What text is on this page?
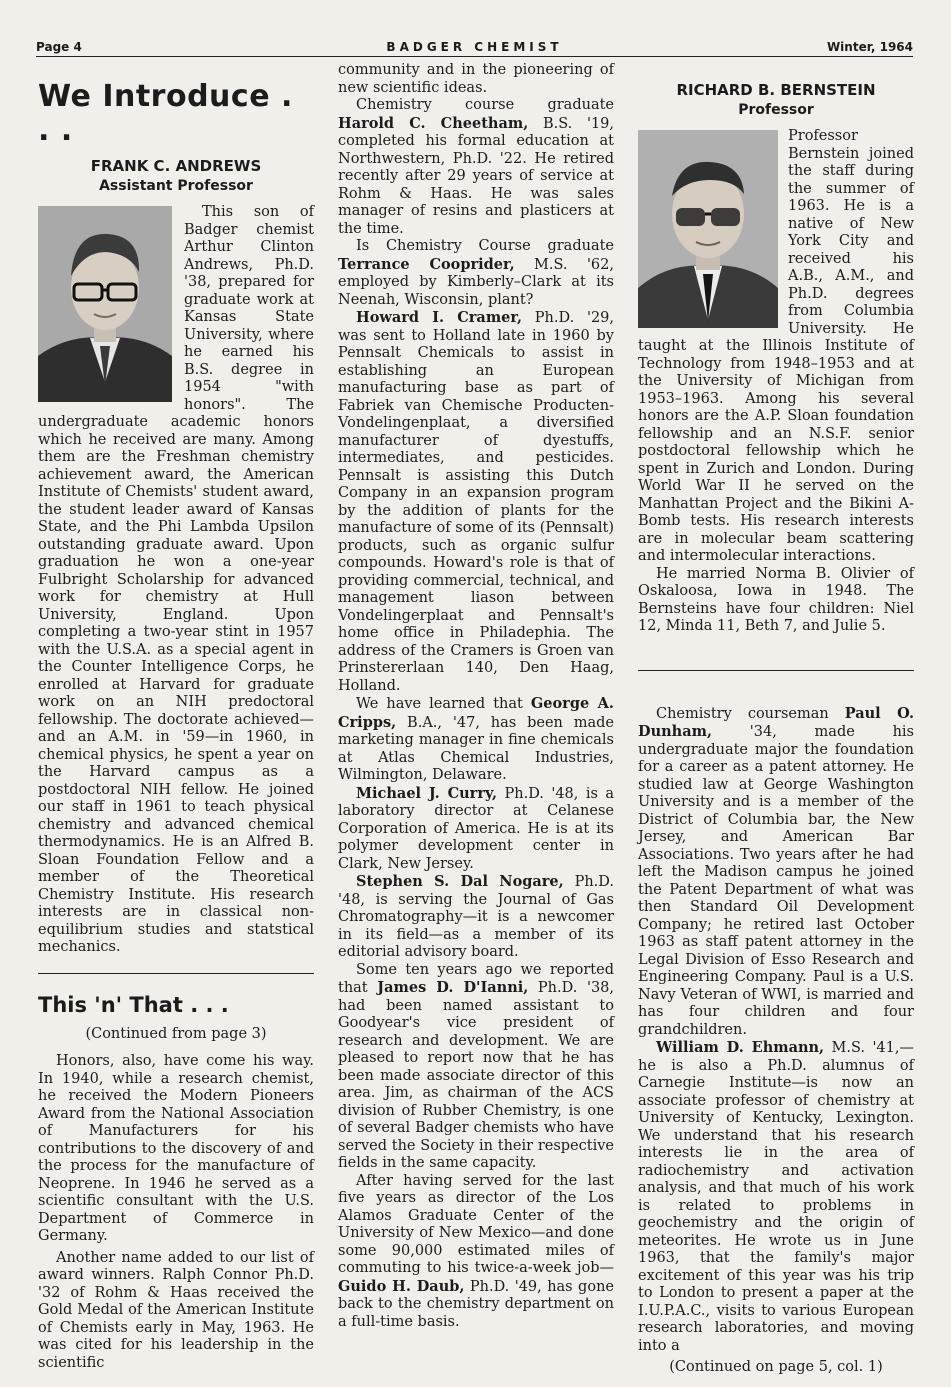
Page 4	BADGER CHEMIST	Winter, 1964
We Introduce . . .
FRANK C. ANDREWS
Assistant Professor

This son of Badger chemist Arthur Clinton Andrews, Ph.D. '38, prepared for graduate work at Kansas State University, where he earned his B.S. degree in 1954 "with honors". The undergraduate academic honors which he received are many. Among them are the Freshman chemistry achievement award, the American Institute of Chemists' student award, the student leader award of Kansas State, and the Phi Lambda Upsilon outstanding graduate award. Upon graduation he won a one-year Fulbright Scholarship for advanced work for chemistry at Hull University, England. Upon completing a two-year stint in 1957 with the U.S.A. as a special agent in the Counter Intelligence Corps, he enrolled at Harvard for graduate work on an NIH predoctoral fellowship. The doctorate achieved—and an A.M. in '59—in 1960, in chemical physics, he spent a year on the Harvard campus as a postdoctoral NIH fellow. He joined our staff in 1961 to teach physical chemistry and advanced chemical thermodynamics. He is an Alfred B. Sloan Foundation Fellow and a member of the Theoretical Chemistry Institute. His research interests are in classical non-equilibrium studies and statstical mechanics.

This 'n' That . . .

(Continued from page 3)

Honors, also, have come his way. In 1940, while a research chemist, he received the Modern Pioneers Award from the National Association of Manufacturers for his contributions to the discovery of and the process for the manufacture of Neoprene. In 1946 he served as a scientific consultant with the U.S. Department of Commerce in Germany.

Another name added to our list of award winners. Ralph Connor Ph.D. '32 of Rohm & Haas received the Gold Medal of the American Institute of Chemists early in May, 1963. He was cited for his leadership in the scientific

community and in the pioneering of new scientific ideas.

Chemistry course graduate Harold C. Cheetham, B.S. '19, completed his formal education at Northwestern, Ph.D. '22. He retired recently after 29 years of service at Rohm & Haas. He was sales manager of resins and plasticers at the time.

Is Chemistry Course graduate Terrance Cooprider, M.S. '62, employed by Kimberly–Clark at its Neenah, Wisconsin, plant?

Howard I. Cramer, Ph.D. '29, was sent to Holland late in 1960 by Pennsalt Chemicals to assist in establishing an European manufacturing base as part of Fabriek van Chemische Producten-Vondelingenplaat, a diversified manufacturer of dyestuffs, intermediates, and pesticides. Pennsalt is assisting this Dutch Company in an expansion program by the addition of plants for the manufacture of some of its (Pennsalt) products, such as organic sulfur compounds. Howard's role is that of providing commercial, technical, and management liason between Vondelingerplaat and Pennsalt's home office in Philadephia. The address of the Cramers is Groen van Prinstererlaan 140, Den Haag, Holland.

We have learned that George A. Cripps, B.A., '47, has been made marketing manager in fine chemicals at Atlas Chemical Industries, Wilmington, Delaware.

Michael J. Curry, Ph.D. '48, is a laboratory director at Celanese Corporation of America. He is at its polymer development center in Clark, New Jersey.

Stephen S. Dal Nogare, Ph.D. '48, is serving the Journal of Gas Chromatography—it is a newcomer in its field—as a member of its editorial advisory board.

Some ten years ago we reported that James D. D'Ianni, Ph.D. '38, had been named assistant to Goodyear's vice president of research and development. We are pleased to report now that he has been made associate director of this area. Jim, as chairman of the ACS division of Rubber Chemistry, is one of several Badger chemists who have served the Society in their respective fields in the same capacity.

After having served for the last five years as director of the Los Alamos Graduate Center of the University of New Mexico—and done some 90,000 estimated miles of commuting to his twice-a-week job—Guido H. Daub, Ph.D. '49, has gone back to the chemistry department on a full-time basis.

RICHARD B. BERNSTEIN
Professor

Professor Bernstein joined the staff during the summer of 1963. He is a native of New York City and received his A.B., A.M., and Ph.D. degrees from Columbia University. He taught at the Illinois Institute of Technology from 1948–1953 and at the University of Michigan from 1953–1963. Among his several honors are the A.P. Sloan foundation fellowship and an N.S.F. senior postdoctoral fellowship which he spent in Zurich and London. During World War II he served on the Manhattan Project and the Bikini A-Bomb tests. His research interests are in molecular beam scattering and intermolecular interactions.

He married Norma B. Olivier of Oskaloosa, Iowa in 1948. The Bernsteins have four children: Niel 12, Minda 11, Beth 7, and Julie 5.

Chemistry courseman Paul O. Dunham, '34, made his undergraduate major the foundation for a career as a patent attorney. He studied law at George Washington University and is a member of the District of Columbia bar, the New Jersey, and American Bar Associations. Two years after he had left the Madison campus he joined the Patent Department of what was then Standard Oil Development Company; he retired last October 1963 as staff patent attorney in the Legal Division of Esso Research and Engineering Company. Paul is a U.S. Navy Veteran of WWI, is married and has four children and four grandchildren.

William D. Ehmann, M.S. '41,—he is also a Ph.D. alumnus of Carnegie Institute—is now an associate professor of chemistry at University of Kentucky, Lexington. We understand that his research interests lie in the area of radiochemistry and activation analysis, and that much of his work is related to problems in geochemistry and the origin of meteorites. He wrote us in June 1963, that the family's major excitement of this year was his trip to London to present a paper at the I.U.P.A.C., visits to various European research laboratories, and moving into a

(Continued on page 5, col. 1)
